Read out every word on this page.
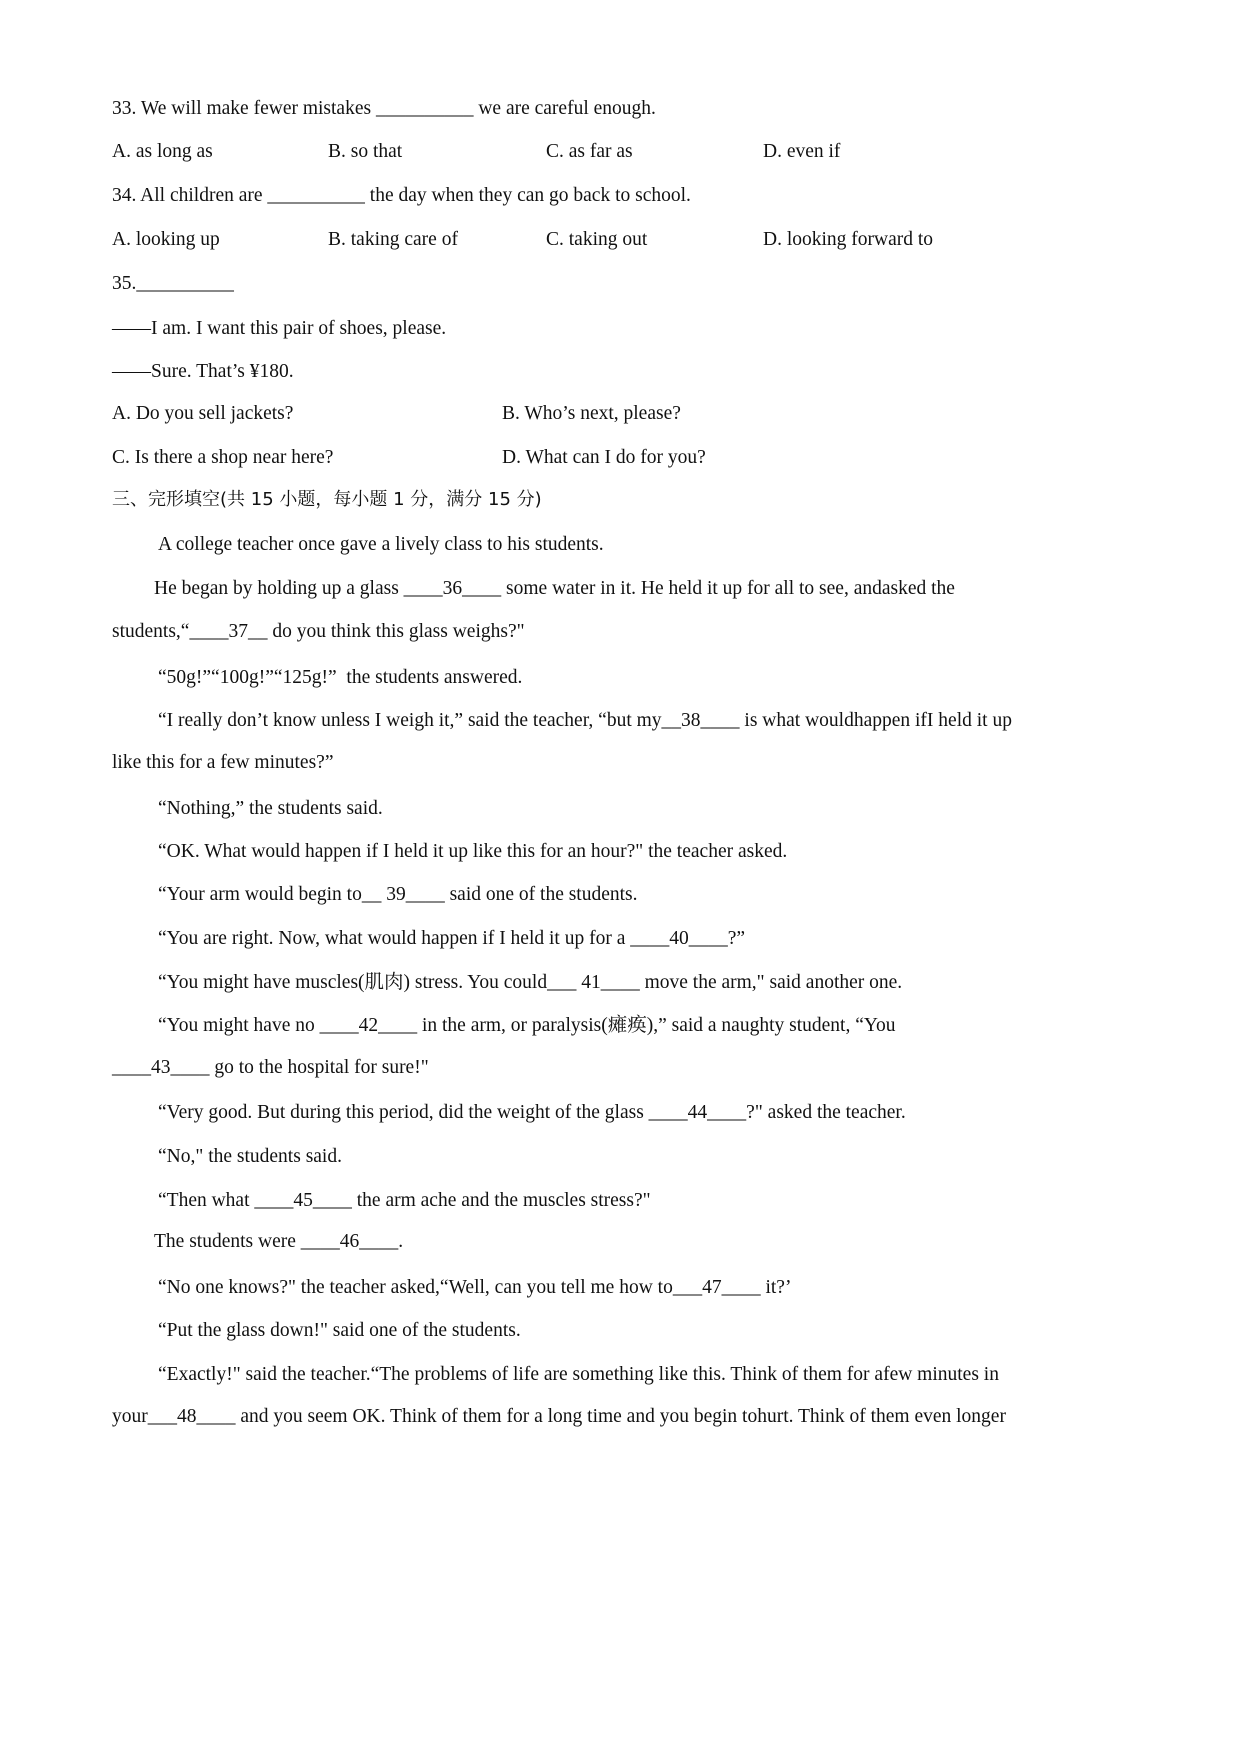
33. We will make fewer mistakes __________ we are careful enough.
A. as long as	B. so that	C. as far as	D. even if
34. All children are __________ the day when they can go back to school.
A. looking up	B. taking care of	C. taking out	D. looking forward to
35.__________
——I am. I want this pair of shoes, please.
——Sure. That’s ¥180.
A. Do you sell jackets?	B. Who’s next, please?
C. Is there a shop near here?	D. What can I do for you?
三、完形填空(共 15 小题，每小题 1 分，满分 15 分)
A college teacher once gave a lively class to his students.
He began by holding up a glass ____36____ some water in it. He held it up for all to see, andasked the
students,“____37__ do you think this glass weighs?"
“50g!”“100g!”“125g!”  the students answered.
“I really don’t know unless I weigh it,” said the teacher, “but my__38____ is what wouldhappen ifI held it up
like this for a few minutes?”
“Nothing,” the students said.
“OK. What would happen if I held it up like this for an hour?" the teacher asked.
“Your arm would begin to__ 39____ said one of the students.
“You are right. Now, what would happen if I held it up for a ____40____?”
“You might have muscles(肌肉) stress. You could___ 41____ move the arm," said another one.
“You might have no ____42____ in the arm, or paralysis(瘫痪),” said a naughty student, “You
____43____ go to the hospital for sure!"
“Very good. But during this period, did the weight of the glass ____44____?" asked the teacher.
“No," the students said.
“Then what ____45____ the arm ache and the muscles stress?"
The students were ____46____.
“No one knows?" the teacher asked,“Well, can you tell me how to___47____ it?’
“Put the glass down!" said one of the students.
“Exactly!" said the teacher.“The problems of life are something like this. Think of them for afew minutes in
your___48____ and you seem OK. Think of them for a long time and you begin tohurt. Think of them even longer
